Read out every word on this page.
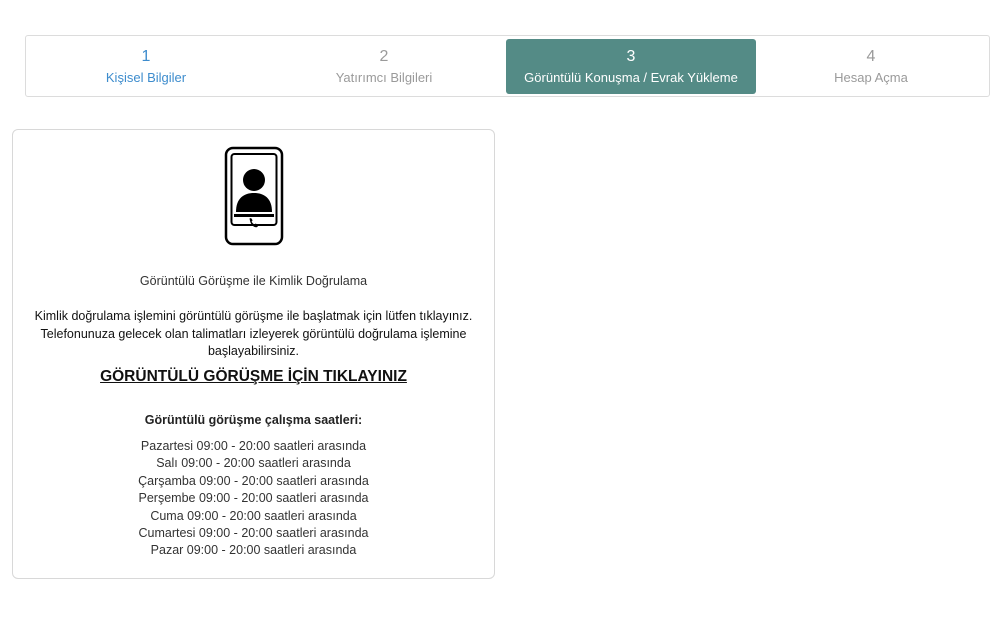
1
Kişisel Bilgiler
2
Yatırımcı Bilgileri
3
Görüntülü Konuşma / Evrak Yükleme
4
Hesap Açma
Görüntülü Görüşme ile Kimlik Doğrulama
Kimlik doğrulama işlemini görüntülü görüşme ile başlatmak için lütfen tıklayınız.
Telefonunuza gelecek olan talimatları izleyerek görüntülü doğrulama işlemine
başlayabilirsiniz.
GÖRÜNTÜLÜ GÖRÜŞME İÇİN TIKLAYINIZ
Görüntülü görüşme çalışma saatleri:
Pazartesi 09:00 - 20:00 saatleri arasında
Salı 09:00 - 20:00 saatleri arasında
Çarşamba 09:00 - 20:00 saatleri arasında
Perşembe 09:00 - 20:00 saatleri arasında
Cuma 09:00 - 20:00 saatleri arasında
Cumartesi 09:00 - 20:00 saatleri arasında
Pazar 09:00 - 20:00 saatleri arasında
